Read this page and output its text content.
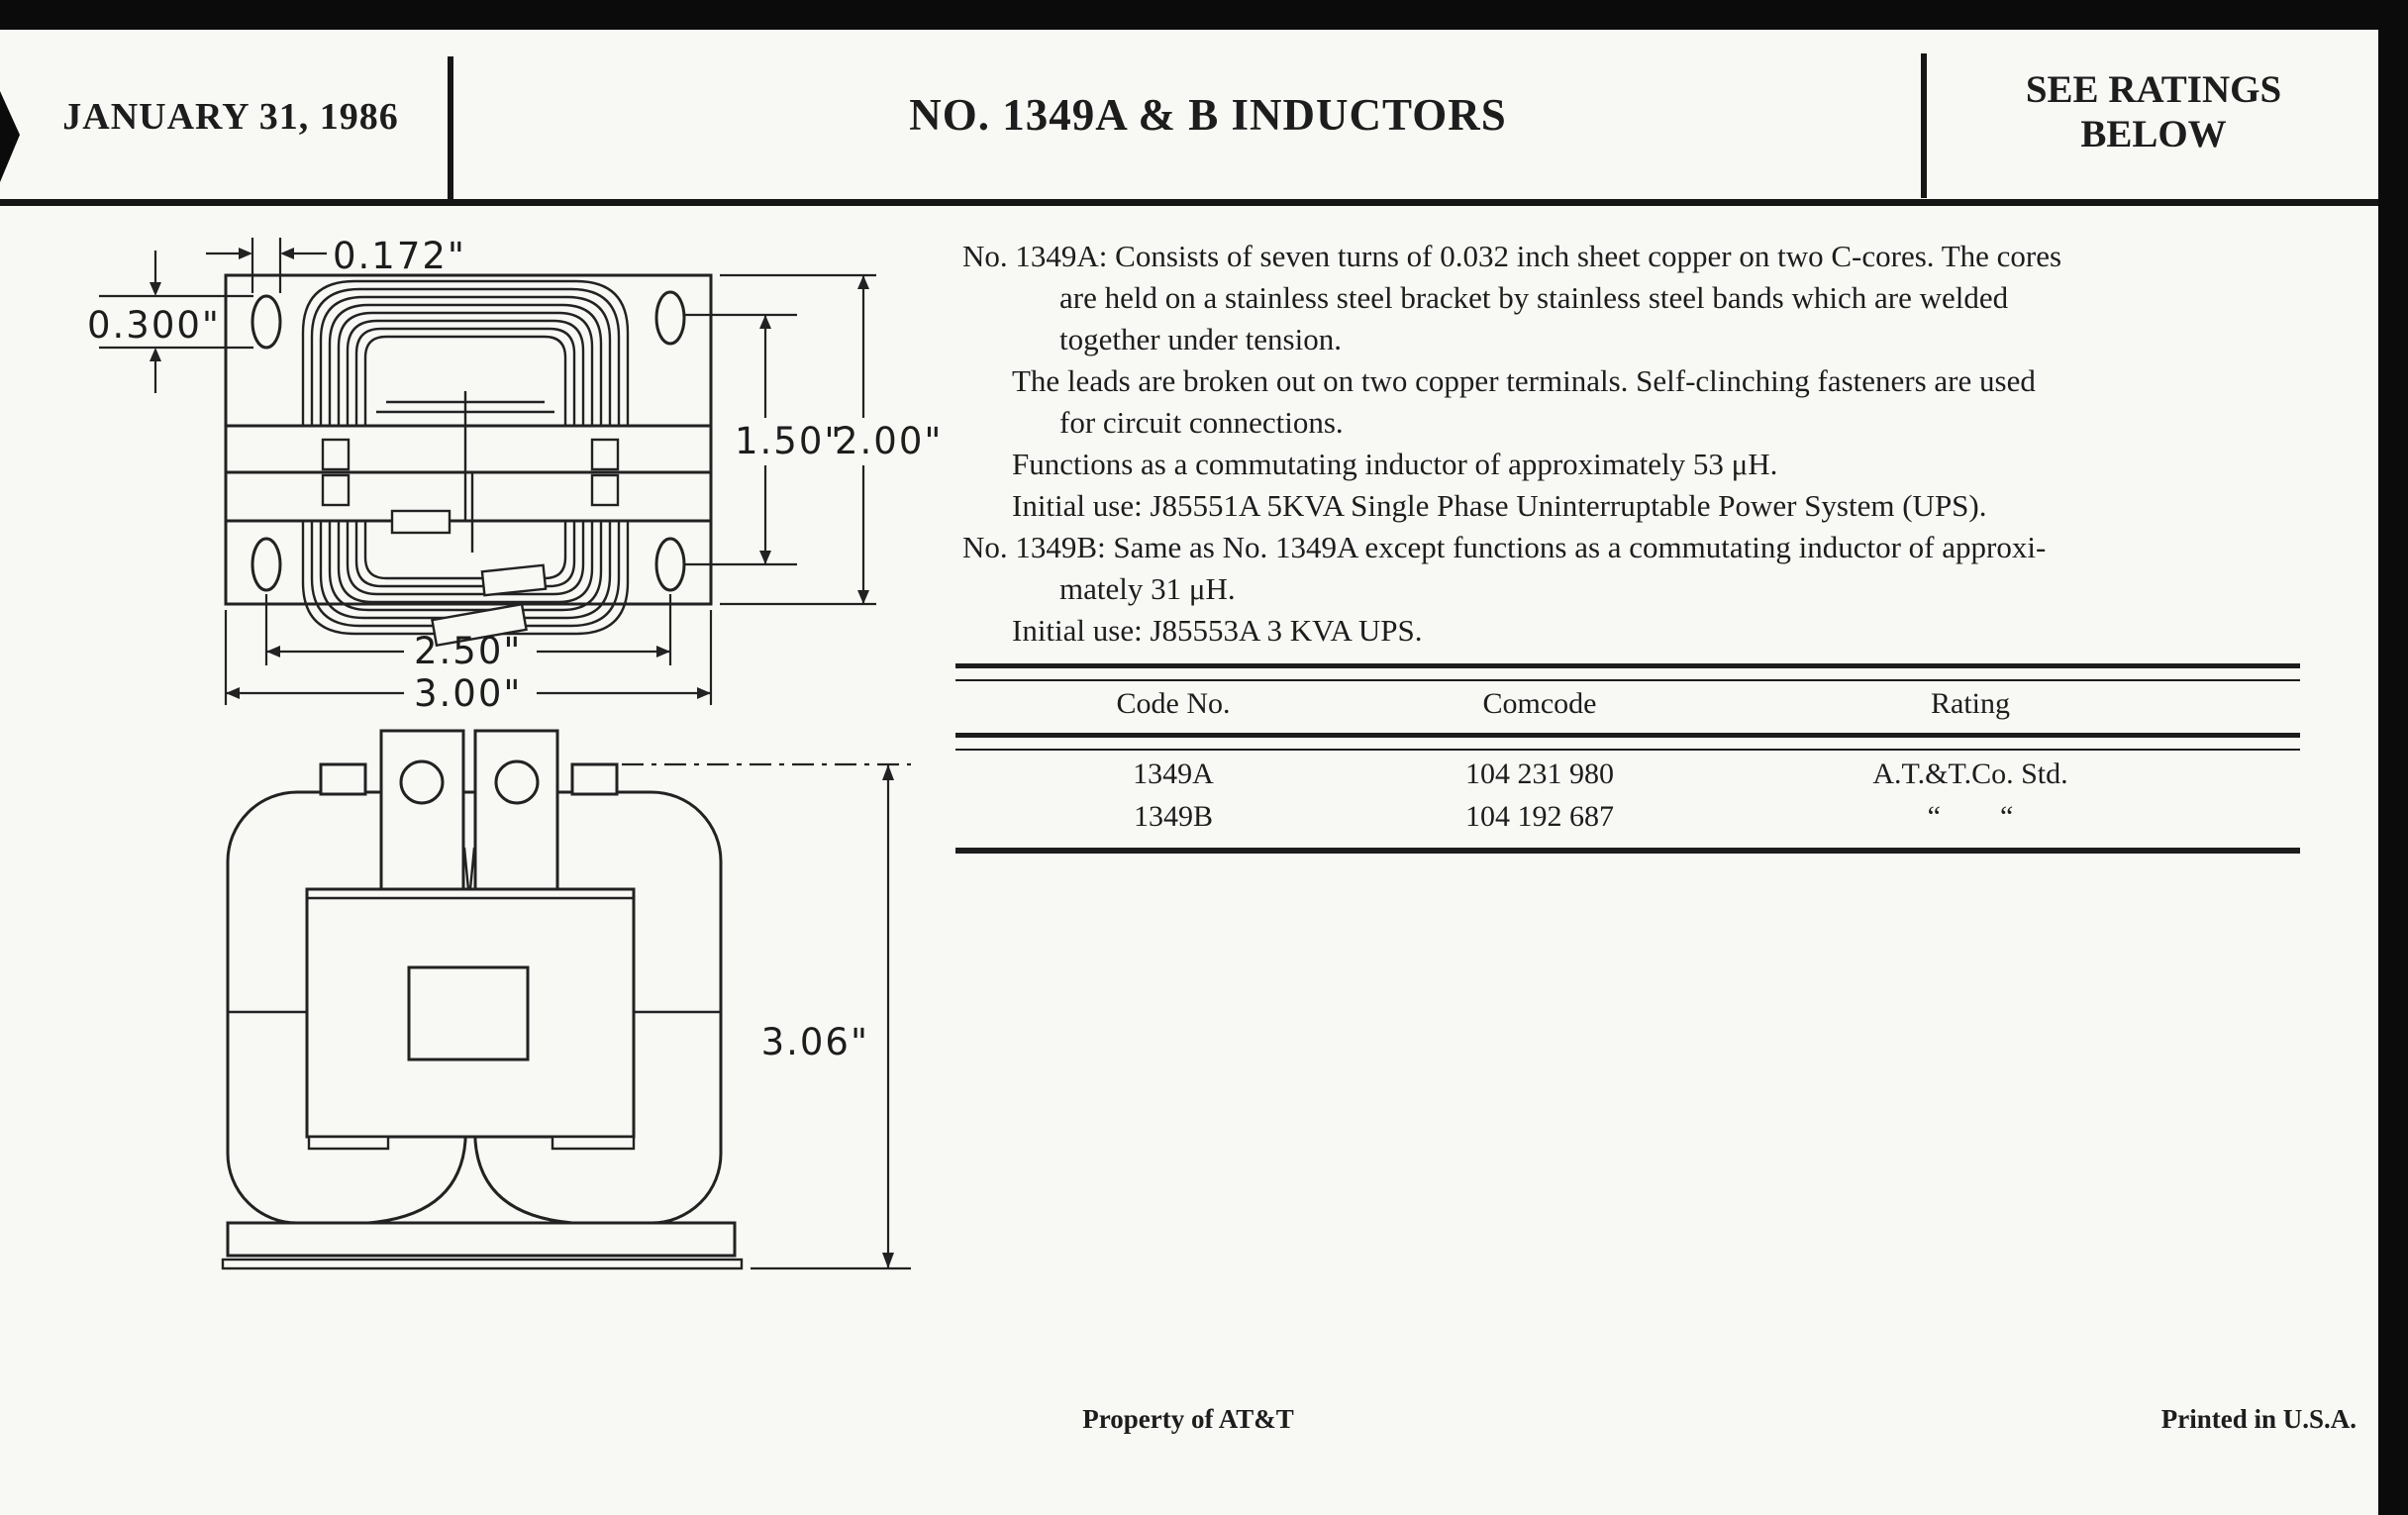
JANUARY 31, 1986	NO. 1349A & B INDUCTORS
SEE RATINGS
BELOW
0.172"
0.300"
1.50"
2.00"
2.50"
3.00"
3.06"
No. 1349A: Consists of seven turns of 0.032 inch sheet copper on two C-cores. The cores
are held on a stainless steel bracket by stainless steel bands which are welded
together under tension.
The leads are broken out on two copper terminals. Self-clinching fasteners are used
for circuit connections.
Functions as a commutating inductor of approximately 53 μH.
Initial use: J85551A 5KVA Single Phase Uninterruptable Power System (UPS).
No. 1349B: Same as No. 1349A except functions as a commutating inductor of approxi-
mately 31 μH.
Initial use: J85553A 3 KVA UPS.
Code No.	Comcode	Rating
1349A	104 231 980	A.T.&T.Co. Std.
1349B	104 192 687	“        “
Property of AT&T	Printed in U.S.A.
